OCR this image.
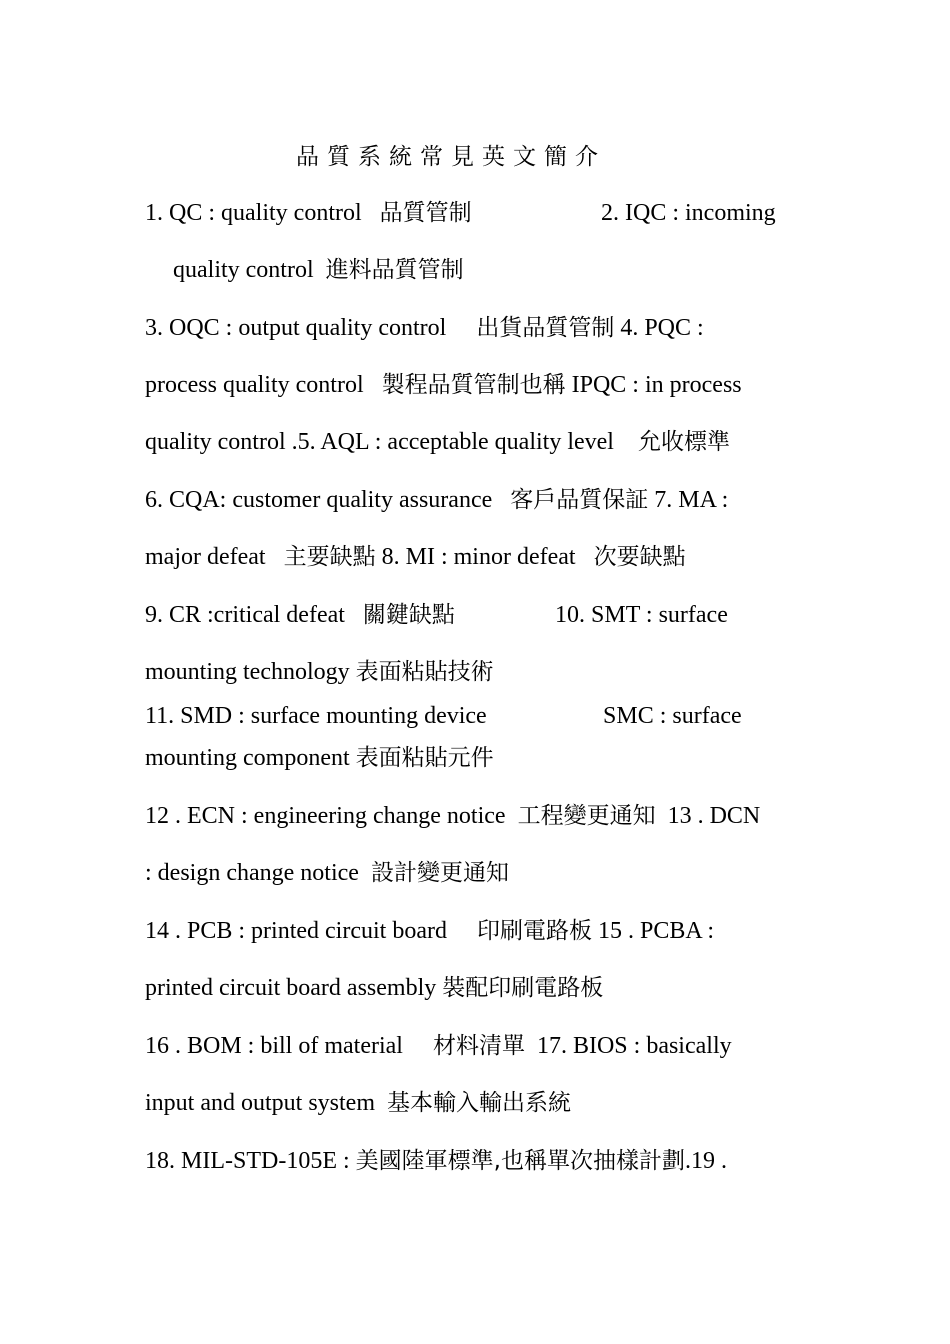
品質系統常見英文簡介
1. QC : quality control 品質管制	2. IQC : incoming
quality control 進料品質管制
3. OQC : output quality control 出貨品質管制 4. PQC :
process quality control 製程品質管制也稱 IPQC : in process
quality control .5. AQL : acceptable quality level 允收標準
6. CQA: customer quality assurance 客戶品質保証 7. MA :
major defeat 主要缺點 8. MI : minor defeat 次要缺點
9. CR :critical defeat 關鍵缺點	10. SMT : surface
mounting technology 表面粘貼技術
11. SMD : surface mounting device	SMC : surface
mounting component 表面粘貼元件
12 . ECN : engineering change notice 工程變更通知 13 . DCN
: design change notice 設計變更通知
14 . PCB : printed circuit board 印刷電路板 15 . PCBA :
printed circuit board assembly 裝配印刷電路板
16 . BOM : bill of material 材料清單 17. BIOS : basically
input and output system 基本輸入輸出系統
18. MIL-STD-105E : 美國陸軍標準,也稱單次抽樣計劃.19 .
